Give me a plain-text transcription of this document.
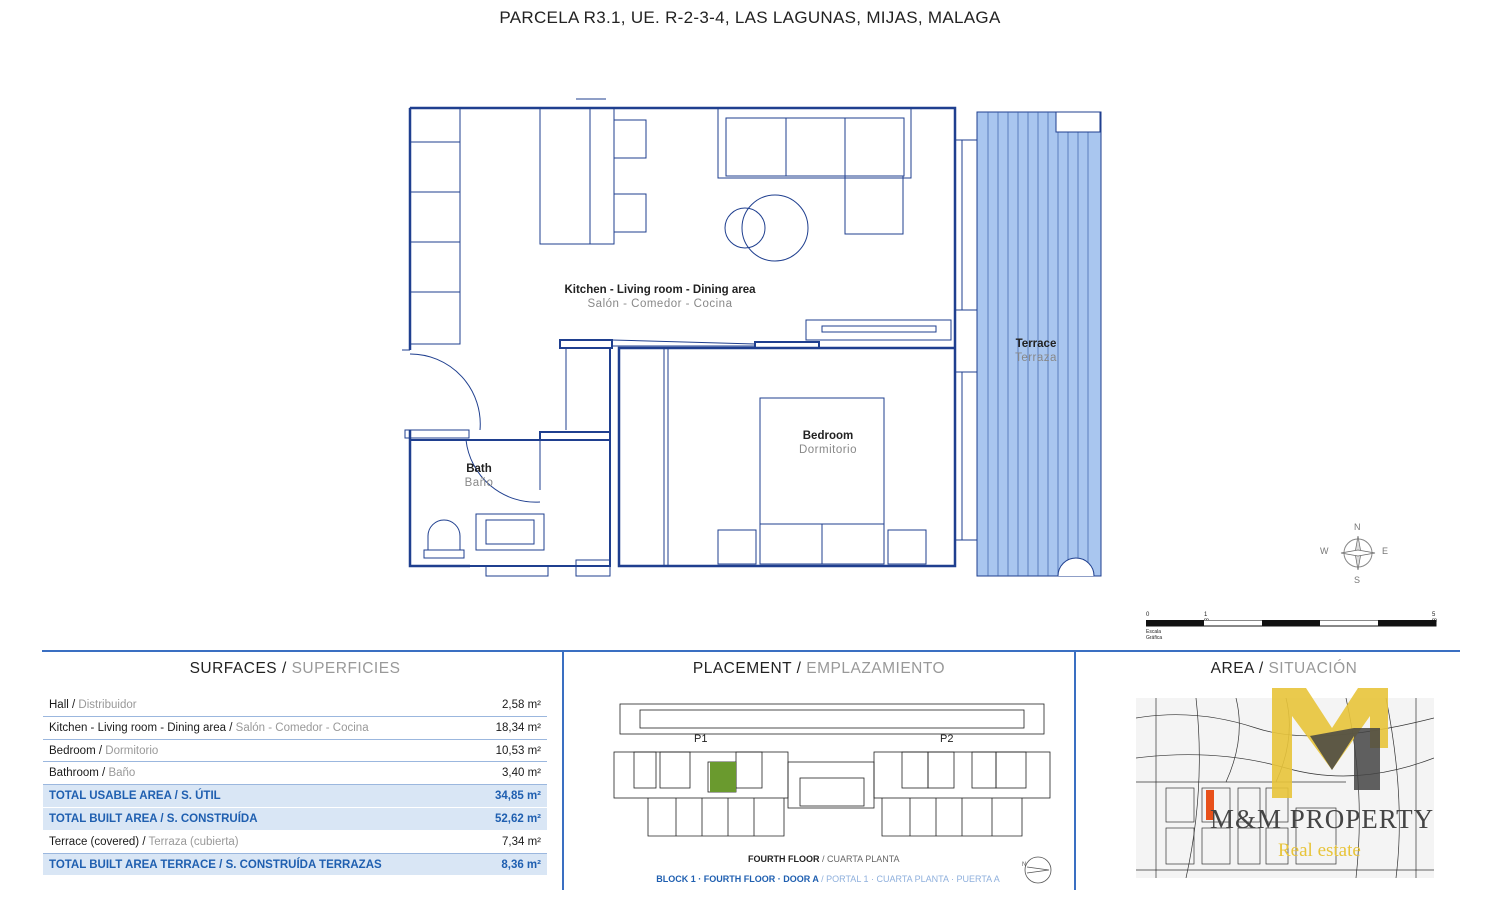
PARCELA R3.1, UE. R-2-3-4, LAS LAGUNAS, MIJAS, MALAGA
Kitchen - Living room - Dining area
Salón - Comedor - Cocina
Terrace
Terraza
Bedroom
Dormitorio
Bath
Baño
N
S
W	E
0	1	5
Escala Gráfica
SURFACES / SUPERFICIES
Hall / Distribuidor	2,58 m²
Kitchen - Living room - Dining area / Salón - Comedor - Cocina	18,34 m²
Bedroom / Dormitorio	10,53 m²
Bathroom / Baño	3,40 m²
TOTAL USABLE AREA / S. ÚTIL	34,85 m²
TOTAL BUILT AREA / S. CONSTRUÍDA	52,62 m²
Terrace (covered) / Terraza (cubierta)	7,34 m²
TOTAL BUILT AREA TERRACE / S. CONSTRUÍDA TERRAZAS	8,36 m²
PLACEMENT / EMPLAZAMIENTO
P1	P2
FOURTH FLOOR / CUARTA PLANTA
BLOCK 1 · FOURTH FLOOR · DOOR A / PORTAL 1 · CUARTA PLANTA · PUERTA A
N
AREA / SITUACIÓN
M&M PROPERTY
Real estate
